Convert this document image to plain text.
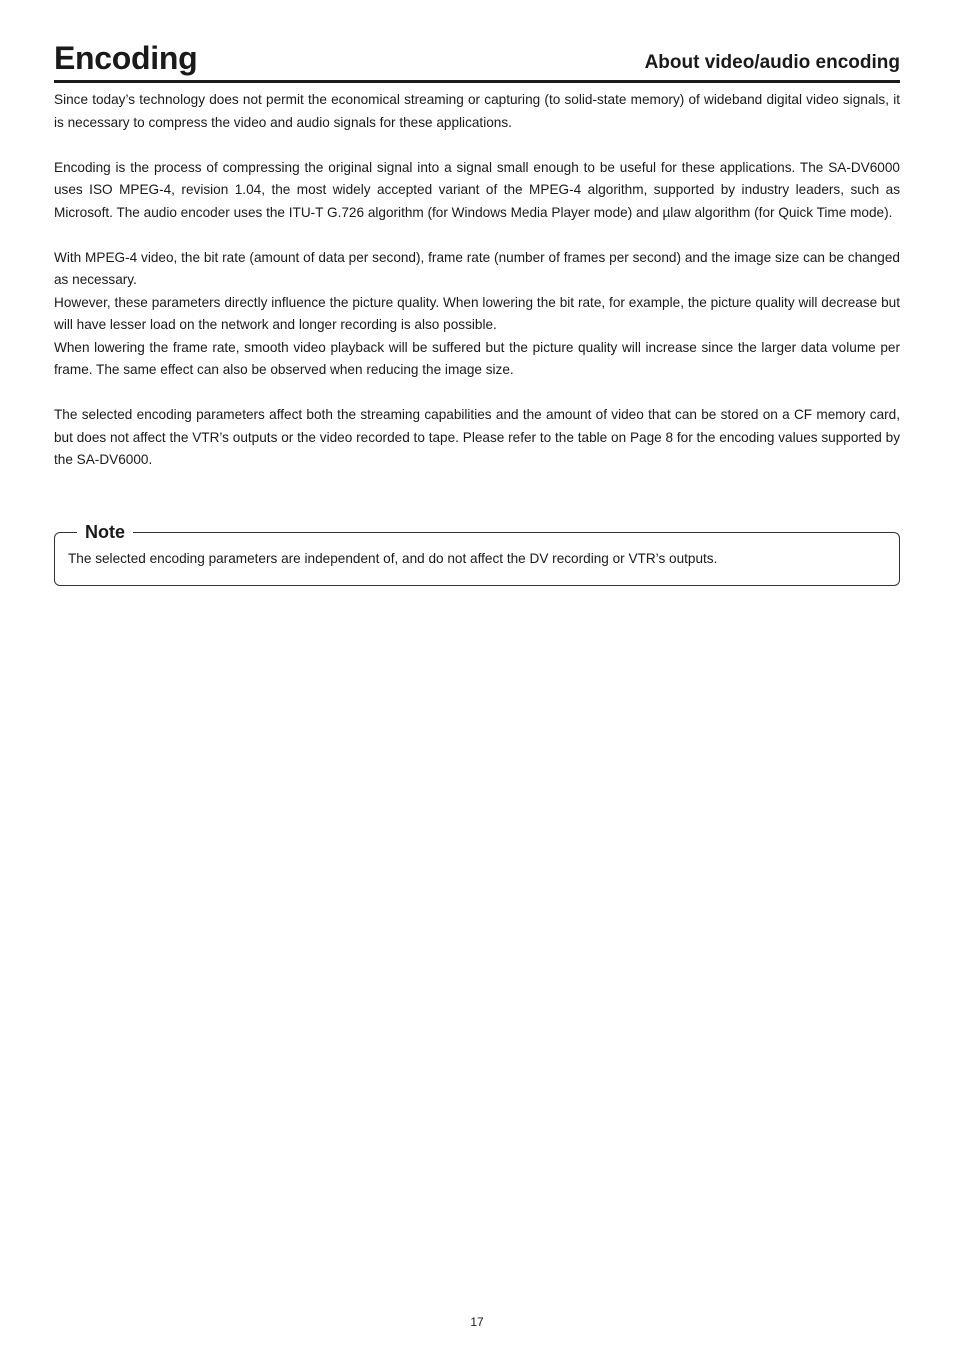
Encoding	About video/audio encoding

Since today’s technology does not permit the economical streaming or capturing (to solid-state memory) of wideband digital video signals, it is necessary to compress the video and audio signals for these applications.

Encoding is the process of compressing the original signal into a signal small enough to be useful for these applications. The SA-DV6000 uses ISO MPEG-4, revision 1.04, the most widely accepted variant of the MPEG-4 algorithm, supported by industry leaders, such as Microsoft. The audio encoder uses the ITU-T G.726 algorithm (for Windows Media Player mode) and µlaw algorithm (for Quick Time mode).

With MPEG-4 video, the bit rate (amount of data per second), frame rate (number of frames per second) and the image size can be changed as necessary.

However, these parameters directly influence the picture quality. When lowering the bit rate, for example, the picture quality will decrease but will have lesser load on the network and longer recording is also possible.

When lowering the frame rate, smooth video playback will be suffered but the picture quality will increase since the larger data volume per frame. The same effect can also be observed when reducing the image size.

The selected encoding parameters affect both the streaming capabilities and the amount of video that can be stored on a CF memory card, but does not affect the VTR’s outputs or the video recorded to tape. Please refer to the table on Page 8 for the encoding values supported by the SA-DV6000.

Note

The selected encoding parameters are independent of, and do not affect the DV recording or VTR’s outputs.

17
